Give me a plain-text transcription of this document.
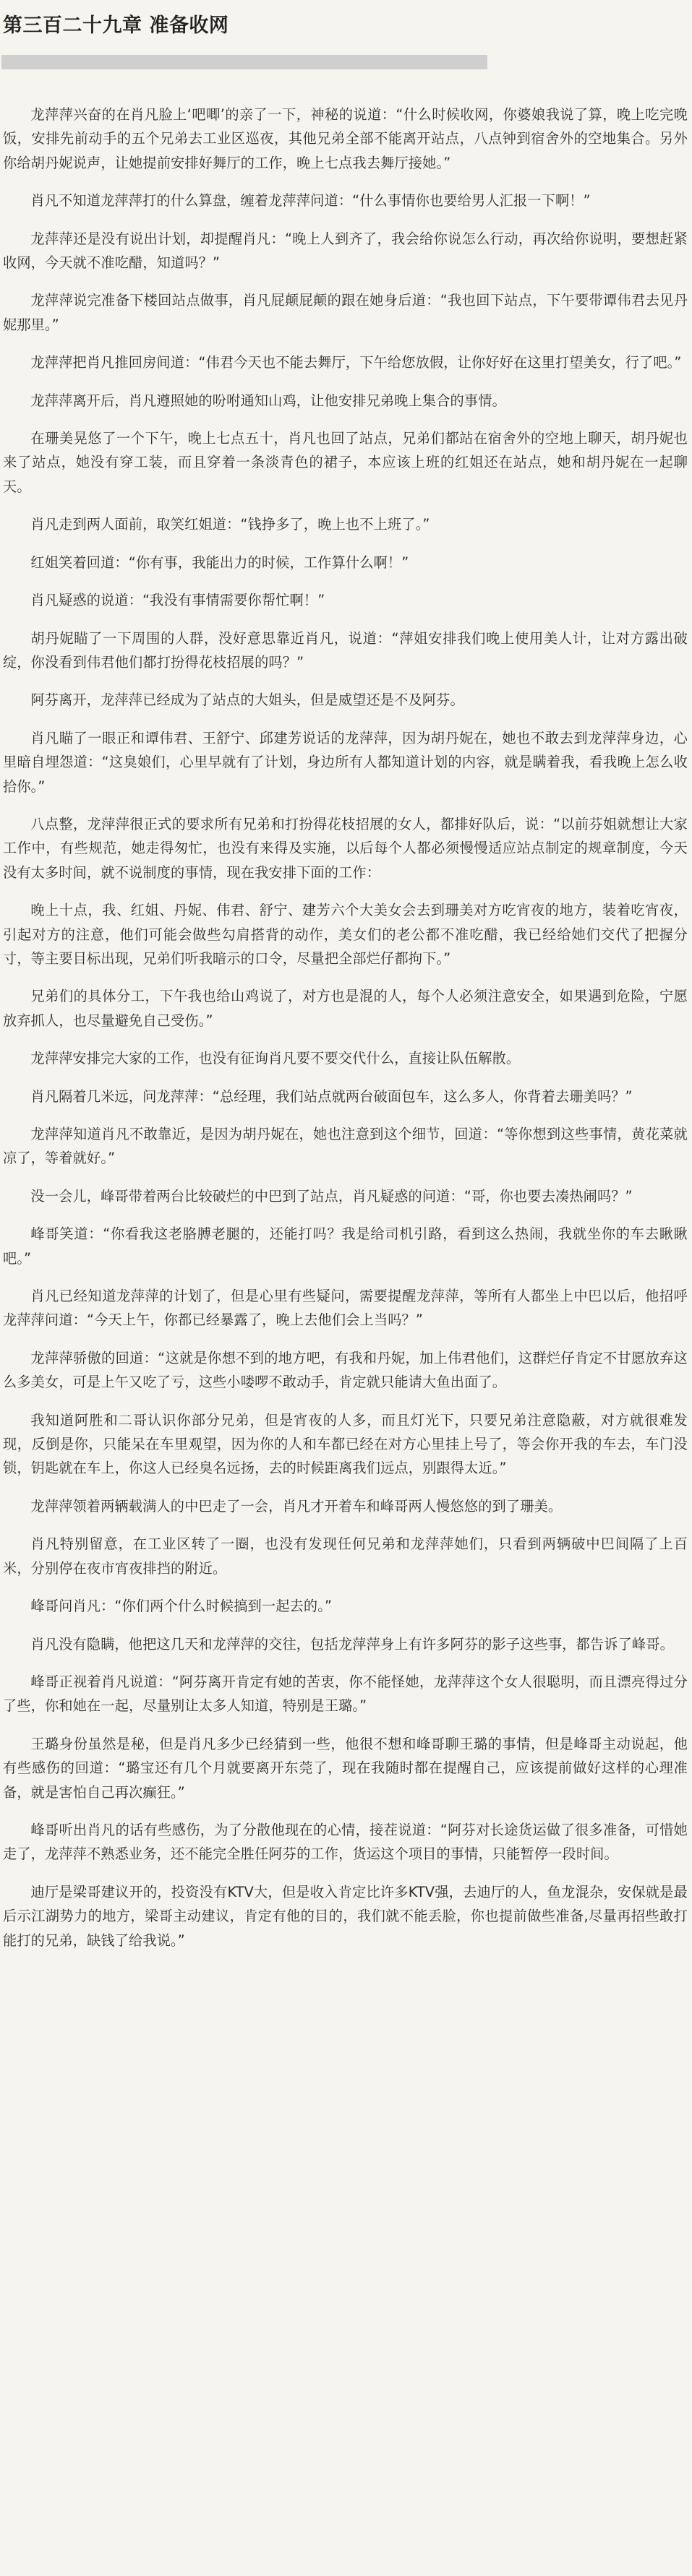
第三百二十九章 准备收网

龙萍萍兴奋的在肖凡脸上‘吧唧’的亲了一下，神秘的说道：“什么时候收网，你婆娘我说了算，晚上吃完晚饭，安排先前动手的五个兄弟去工业区巡夜，其他兄弟全部不能离开站点，八点钟到宿舍外的空地集合。另外你给胡丹妮说声，让她提前安排好舞厅的工作，晚上七点我去舞厅接她。”

肖凡不知道龙萍萍打的什么算盘，缠着龙萍萍问道：“什么事情你也要给男人汇报一下啊！”

龙萍萍还是没有说出计划，却提醒肖凡：“晚上人到齐了，我会给你说怎么行动，再次给你说明，要想赶紧收网，今天就不准吃醋，知道吗？”

龙萍萍说完准备下楼回站点做事，肖凡屁颠屁颠的跟在她身后道：“我也回下站点，下午要带谭伟君去见丹妮那里。”

龙萍萍把肖凡推回房间道：“伟君今天也不能去舞厅，下午给您放假，让你好好在这里打望美女，行了吧。”

龙萍萍离开后，肖凡遵照她的吩咐通知山鸡，让他安排兄弟晚上集合的事情。

在珊美晃悠了一个下午，晚上七点五十，肖凡也回了站点，兄弟们都站在宿舍外的空地上聊天，胡丹妮也来了站点，她没有穿工装，而且穿着一条淡青色的裙子，本应该上班的红姐还在站点，她和胡丹妮在一起聊天。

肖凡走到两人面前，取笑红姐道：“钱挣多了，晚上也不上班了。”

红姐笑着回道：“你有事，我能出力的时候，工作算什么啊！”

肖凡疑惑的说道：“我没有事情需要你帮忙啊！”

胡丹妮瞄了一下周围的人群，没好意思靠近肖凡，说道：“萍姐安排我们晚上使用美人计，让对方露出破绽，你没看到伟君他们都打扮得花枝招展的吗？”

阿芬离开，龙萍萍已经成为了站点的大姐头，但是威望还是不及阿芬。

肖凡瞄了一眼正和谭伟君、王舒宁、邱建芳说话的龙萍萍，因为胡丹妮在，她也不敢去到龙萍萍身边，心里暗自埋怨道：“这臭娘们，心里早就有了计划，身边所有人都知道计划的内容，就是瞒着我，看我晚上怎么收拾你。”

八点整，龙萍萍很正式的要求所有兄弟和打扮得花枝招展的女人，都排好队后，说：“以前芬姐就想让大家工作中，有些规范，她走得匆忙，也没有来得及实施，以后每个人都必须慢慢适应站点制定的规章制度，今天没有太多时间，就不说制度的事情，现在我安排下面的工作：

晚上十点，我、红姐、丹妮、伟君、舒宁、建芳六个大美女会去到珊美对方吃宵夜的地方，装着吃宵夜，引起对方的注意，他们可能会做些勾肩搭背的动作，美女们的老公都不准吃醋，我已经给她们交代了把握分寸，等主要目标出现，兄弟们听我暗示的口令，尽量把全部烂仔都拘下。”

兄弟们的具体分工，下午我也给山鸡说了，对方也是混的人，每个人必须注意安全，如果遇到危险，宁愿放弃抓人，也尽量避免自己受伤。”

龙萍萍安排完大家的工作，也没有征询肖凡要不要交代什么，直接让队伍解散。

肖凡隔着几米远，问龙萍萍：“总经理，我们站点就两台破面包车，这么多人，你背着去珊美吗？”

龙萍萍知道肖凡不敢靠近，是因为胡丹妮在，她也注意到这个细节，回道：“等你想到这些事情，黄花菜就凉了，等着就好。”

没一会儿，峰哥带着两台比较破烂的中巴到了站点，肖凡疑惑的问道：“哥，你也要去凑热闹吗？”

峰哥笑道：“你看我这老胳膊老腿的，还能打吗？我是给司机引路，看到这么热闹，我就坐你的车去瞅瞅吧。”

肖凡已经知道龙萍萍的计划了，但是心里有些疑问，需要提醒龙萍萍，等所有人都坐上中巴以后，他招呼龙萍萍问道：“今天上午，你都已经暴露了，晚上去他们会上当吗？”

龙萍萍骄傲的回道：“这就是你想不到的地方吧，有我和丹妮，加上伟君他们，这群烂仔肯定不甘愿放弃这么多美女，可是上午又吃了亏，这些小喽啰不敢动手，肯定就只能请大鱼出面了。

我知道阿胜和二哥认识你部分兄弟，但是宵夜的人多，而且灯光下，只要兄弟注意隐蔽，对方就很难发现，反倒是你，只能呆在车里观望，因为你的人和车都已经在对方心里挂上号了，等会你开我的车去，车门没锁，钥匙就在车上，你这人已经臭名远扬，去的时候距离我们远点，别跟得太近。”

龙萍萍领着两辆载满人的中巴走了一会，肖凡才开着车和峰哥两人慢悠悠的到了珊美。

肖凡特别留意，在工业区转了一圈，也没有发现任何兄弟和龙萍萍她们，只看到两辆破中巴间隔了上百米，分别停在夜市宵夜排挡的附近。

峰哥问肖凡：“你们两个什么时候搞到一起去的。”

肖凡没有隐瞒，他把这几天和龙萍萍的交往，包括龙萍萍身上有许多阿芬的影子这些事，都告诉了峰哥。

峰哥正视着肖凡说道：“阿芬离开肯定有她的苦衷，你不能怪她，龙萍萍这个女人很聪明，而且漂亮得过分了些，你和她在一起，尽量别让太多人知道，特别是王璐。”

王璐身份虽然是秘，但是肖凡多少已经猜到一些，他很不想和峰哥聊王璐的事情，但是峰哥主动说起，他有些感伤的回道：“璐宝还有几个月就要离开东莞了，现在我随时都在提醒自己，应该提前做好这样的心理准备，就是害怕自己再次癫狂。”

峰哥听出肖凡的话有些感伤，为了分散他现在的心情，接茬说道：“阿芬对长途货运做了很多准备，可惜她走了，龙萍萍不熟悉业务，还不能完全胜任阿芬的工作，货运这个项目的事情，只能暂停一段时间。

迪厅是梁哥建议开的，投资没有KTV大，但是收入肯定比许多KTV强，去迪厅的人，鱼龙混杂，安保就是最后示江湖势力的地方，梁哥主动建议，肯定有他的目的，我们就不能丢脸，你也提前做些准备,尽量再招些敢打能打的兄弟，缺钱了给我说。”
